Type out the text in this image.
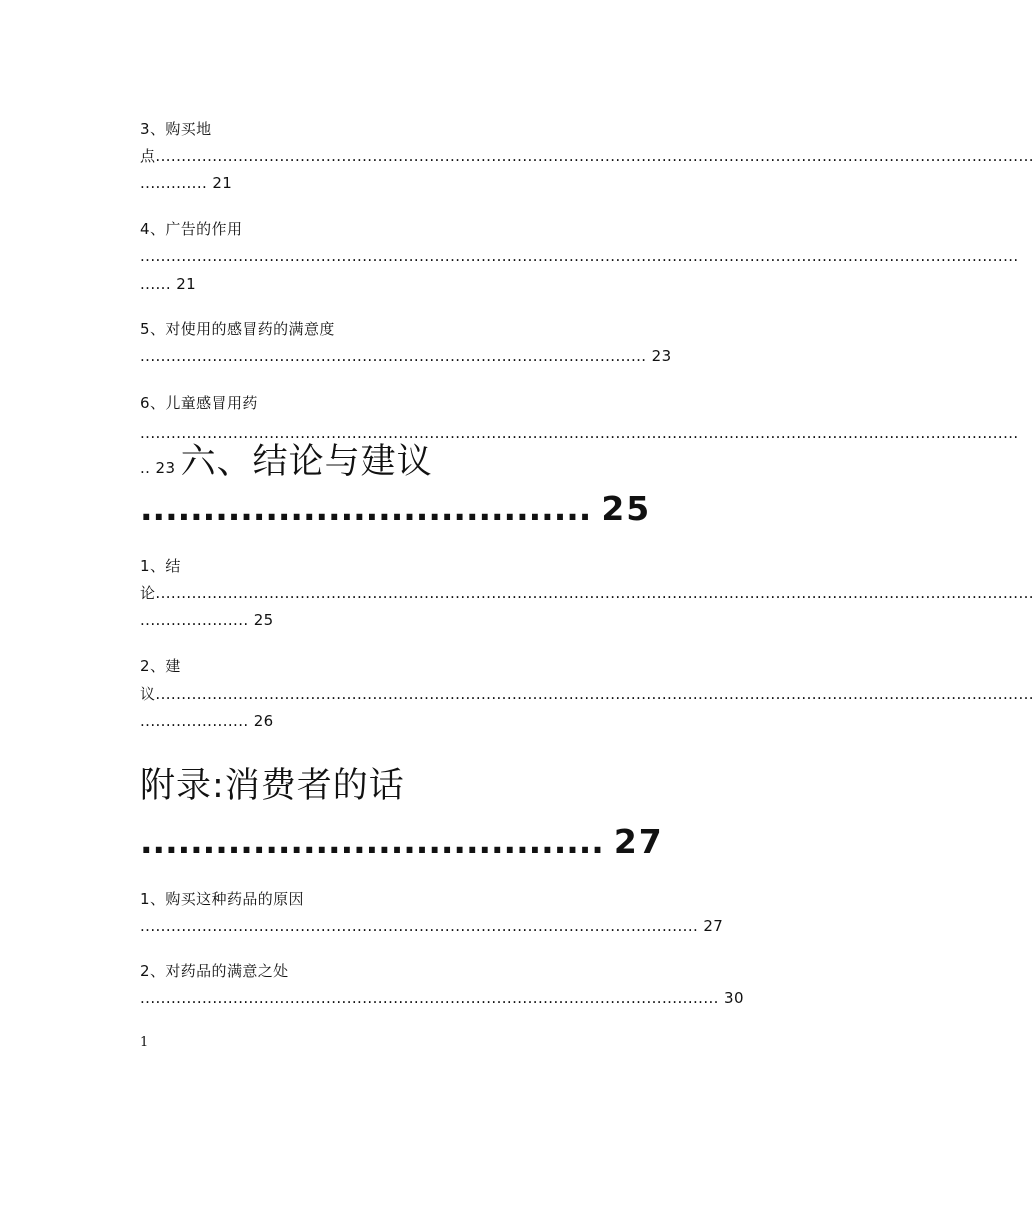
3、购买地
点..........................................................................................................................................................................
............. 21
4、广告的作用
..........................................................................................................................................................................
...... 21
5、对使用的感冒药的满意度
.................................................................................................. 23
6、儿童感冒用药
..........................................................................................................................................................................
.. 23 六、结论与建议
.................................... 25
1、结
论..........................................................................................................................................................................
..................... 25
2、建
议..........................................................................................................................................................................
..................... 26
附录:消费者的话
..................................... 27
1、购买这种药品的原因
............................................................................................................ 27
2、对药品的满意之处
................................................................................................................ 30
1
